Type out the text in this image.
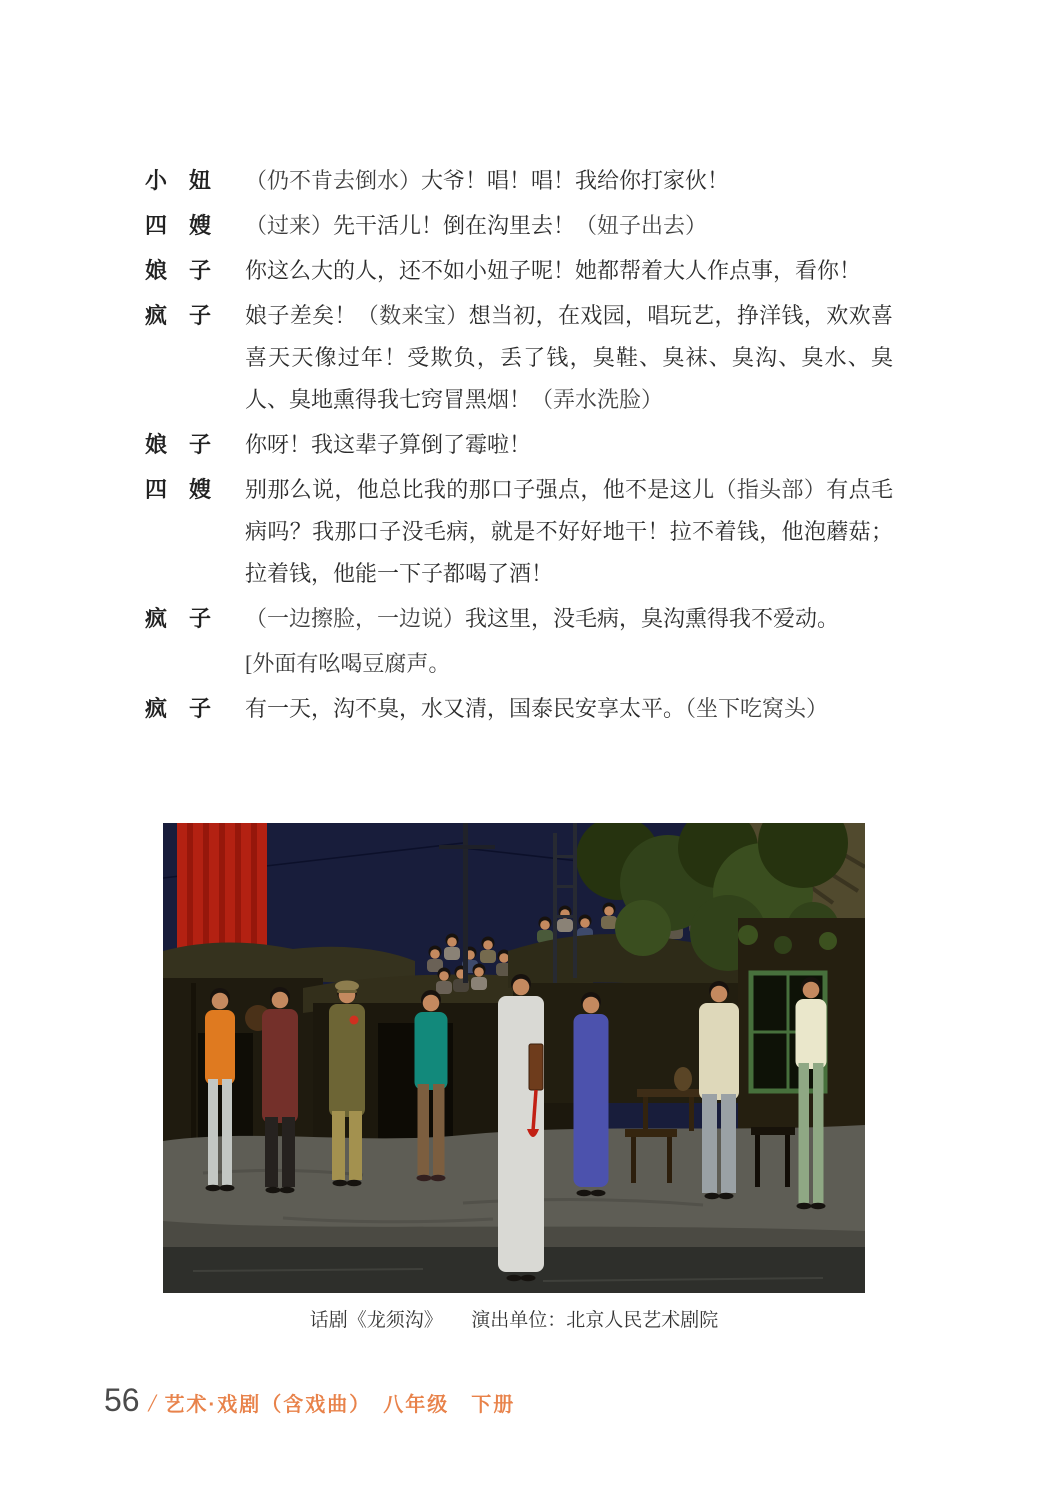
小　妞	（仍不肯去倒水）大爷！唱！唱！我给你打家伙！
四　嫂	（过来）先干活儿！倒在沟里去！（妞子出去）
娘　子	你这么大的人，还不如小妞子呢！她都帮着大人作点事，看你！
疯　子	娘子差矣！（数来宝）想当初，在戏园，唱玩艺，挣洋钱，欢欢喜喜天天像过年！受欺负，丢了钱，臭鞋、臭袜、臭沟、臭水、臭人、臭地熏得我七窍冒黑烟！（弄水洗脸）
娘　子	你呀！我这辈子算倒了霉啦！
四　嫂	别那么说，他总比我的那口子强点，他不是这儿（指头部）有点毛病吗？我那口子没毛病，就是不好好地干！拉不着钱，他泡蘑菇；拉着钱，他能一下子都喝了酒！
疯　子	（一边擦脸，一边说）我这里，没毛病，臭沟熏得我不爱动。
[外面有吆喝豆腐声。
疯　子	有一天，沟不臭，水又清，国泰民安享太平。（坐下吃窝头）
话剧《龙须沟》　　演出单位：北京人民艺术剧院
56 / 艺术·戏剧（含戏曲）　八年级　下册
